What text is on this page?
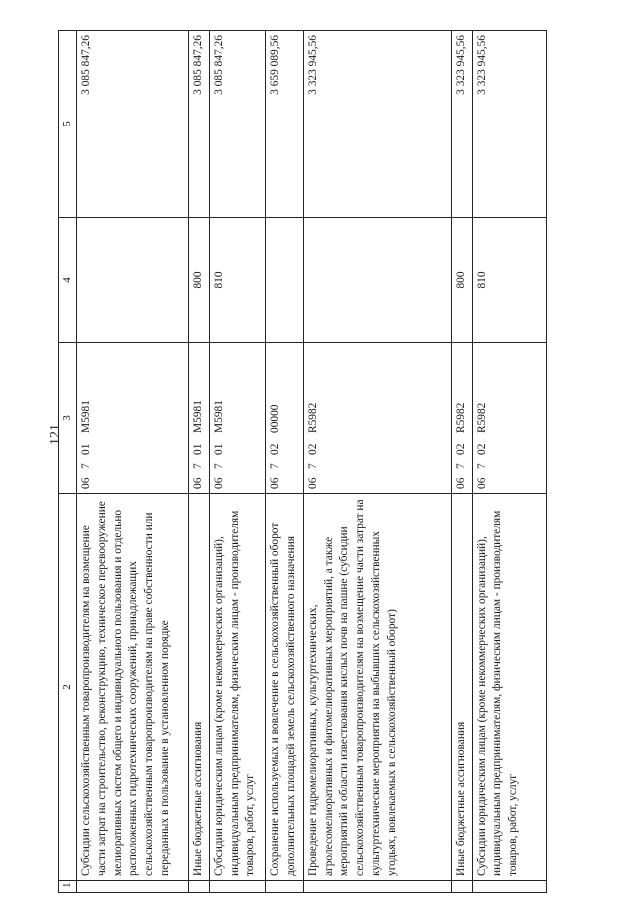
121
1	2	3	4	5
	Субсидии сельскохозяйственным товаропроизводителям на возмещение части затрат на строительство, реконструкцию, техническое перевооружение мелиоративных систем общего и индивидуального пользования и отдельно расположенных гидротехнических сооружений, принадлежащих сельскохозяйственным товаропроизводителям на праве собственности или переданных в пользование в установленном порядке	06701M5981		3 085 847,26
	Иные бюджетные ассигнования	06701M5981	800	3 085 847,26
	Субсидии юридическим лицам (кроме некоммерческих организаций), индивидуальным предпринимателям, физическим лицам - производителям товаров, работ, услуг	06701M5981	810	3 085 847,26
	Сохранение используемых и вовлечение в сельскохозяйственный оборот дополнительных площадей земель сельскохозяйственного назначения	0670200000		3 659 089,56
	Проведение гидромелиоративных, культуртехнических, агролесомелиоративных и фитомелиоративных мероприятий, а также мероприятий в области известкования кислых почв на пашне (субсидии сельскохозяйственным товаропроизводителям на возмещение части затрат на культуртехнические мероприятия на выбывших сельскохозяйственных угодьях, вовлекаемых в сельскохозяйственный оборот)	06702R5982		3 323 945,56
	Иные бюджетные ассигнования	06702R5982	800	3 323 945,56
	Субсидии юридическим лицам (кроме некоммерческих организаций), индивидуальным предпринимателям, физическим лицам - производителям товаров, работ, услуг	06702R5982	810	3 323 945,56
